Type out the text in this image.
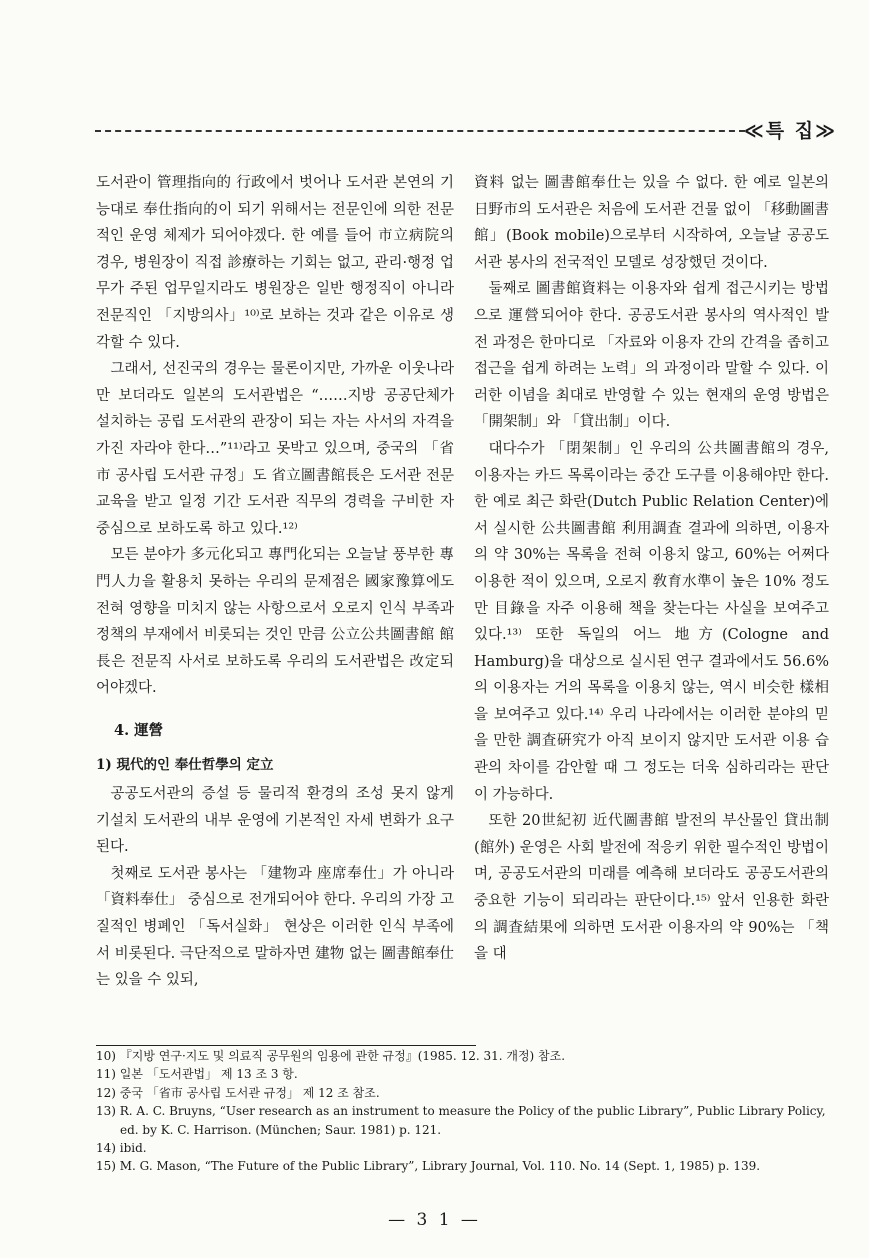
≪특 집≫

도서관이 管理指向的 行政에서 벗어나 도서관 본연의 기능대로 奉仕指向的이 되기 위해서는 전문인에 의한 전문적인 운영 체제가 되어야겠다. 한 예를 들어 市立病院의 경우, 병원장이 직접 診療하는 기회는 없고, 관리·행정 업무가 주된 업무일지라도 병원장은 일반 행정직이 아니라 전문직인 「지방의사」¹⁰⁾로 보하는 것과 같은 이유로 생각할 수 있다.

그래서, 선진국의 경우는 물론이지만, 가까운 이웃나라만 보더라도 일본의 도서관법은 “……지방 공공단체가 설치하는 공립 도서관의 관장이 되는 자는 사서의 자격을 가진 자라야 한다…”¹¹⁾라고 못박고 있으며, 중국의 「省市 공사립 도서관 규정」도 省立圖書館長은 도서관 전문 교육을 받고 일정 기간 도서관 직무의 경력을 구비한 자 중심으로 보하도록 하고 있다.¹²⁾

모든 분야가 多元化되고 專門化되는 오늘날 풍부한 專門人力을 활용치 못하는 우리의 문제점은 國家豫算에도 전혀 영향을 미치지 않는 사항으로서 오로지 인식 부족과 정책의 부재에서 비롯되는 것인 만큼 公立公共圖書館 館長은 전문직 사서로 보하도록 우리의 도서관법은 改定되어야겠다.

4. 運營
1) 現代的인 奉仕哲學의 定立

공공도서관의 증설 등 물리적 환경의 조성 못지 않게 기설치 도서관의 내부 운영에 기본적인 자세 변화가 요구된다.

첫째로 도서관 봉사는 「建物과 座席奉仕」가 아니라 「資料奉仕」 중심으로 전개되어야 한다. 우리의 가장 고질적인 병폐인 「독서실화」 현상은 이러한 인식 부족에서 비롯된다. 극단적으로 말하자면 建物 없는 圖書館奉仕는 있을 수 있되,

資料 없는 圖書館奉仕는 있을 수 없다. 한 예로 일본의 日野市의 도서관은 처음에 도서관 건물 없이 「移動圖書館」(Book mobile)으로부터 시작하여, 오늘날 공공도서관 봉사의 전국적인 모델로 성장했던 것이다.

둘째로 圖書館資料는 이용자와 쉽게 접근시키는 방법으로 運營되어야 한다. 공공도서관 봉사의 역사적인 발전 과정은 한마디로 「자료와 이용자 간의 간격을 좁히고 접근을 쉽게 하려는 노력」의 과정이라 말할 수 있다. 이러한 이념을 최대로 반영할 수 있는 현재의 운영 방법은 「開架制」와 「貸出制」이다.

대다수가 「閉架制」인 우리의 公共圖書館의 경우, 이용자는 카드 목록이라는 중간 도구를 이용해야만 한다. 한 예로 최근 화란(Dutch Public Relation Center)에서 실시한 公共圖書館 利用調査 결과에 의하면, 이용자의 약 30%는 목록을 전혀 이용치 않고, 60%는 어쩌다 이용한 적이 있으며, 오로지 敎育水準이 높은 10% 정도만 目錄을 자주 이용해 책을 찾는다는 사실을 보여주고 있다.¹³⁾ 또한 독일의 어느 地方(Cologne and Hamburg)을 대상으로 실시된 연구 결과에서도 56.6%의 이용자는 거의 목록을 이용치 않는, 역시 비슷한 樣相을 보여주고 있다.¹⁴⁾ 우리 나라에서는 이러한 분야의 믿을 만한 調査硏究가 아직 보이지 않지만 도서관 이용 습관의 차이를 감안할 때 그 정도는 더욱 심하리라는 판단이 가능하다.

또한 20世紀初 近代圖書館 발전의 부산물인 貸出制(館外) 운영은 사회 발전에 적응키 위한 필수적인 방법이며, 공공도서관의 미래를 예측해 보더라도 공공도서관의 중요한 기능이 되리라는 판단이다.¹⁵⁾ 앞서 인용한 화란의 調査結果에 의하면 도서관 이용자의 약 90%는 「책을 대

10) 『지방 연구·지도 및 의료직 공무원의 임용에 관한 규정』(1985. 12. 31. 개정) 참조.

11) 일본 「도서관법」 제 13 조 3 항.

12) 중국 「省市 공사립 도서관 규정」 제 12 조 참조.

13) R. A. C. Bruyns, “User research as an instrument to measure the Policy of the public Library”, Public Library Policy, ed. by K. C. Harrison. (München; Saur. 1981) p. 121.

14) ibid.

15) M. G. Mason, “The Future of the Public Library”, Library Journal, Vol. 110. No. 14 (Sept. 1, 1985) p. 139.

— 3 1 —
